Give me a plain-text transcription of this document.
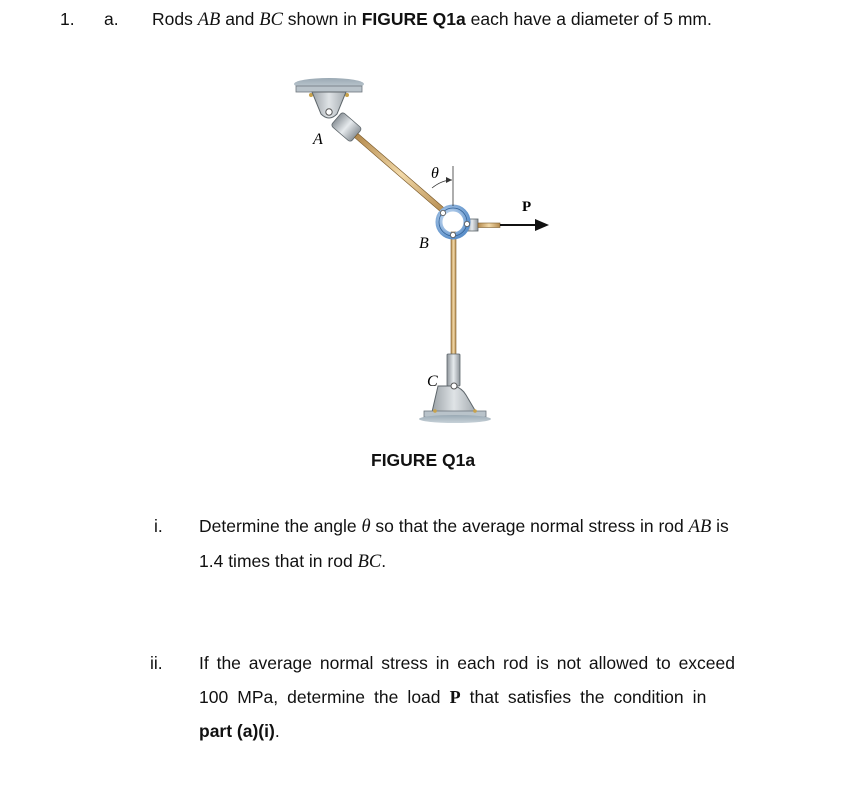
1. a. Rods AB and BC shown in FIGURE Q1a each have a diameter of 5 mm.
A
B
C
θ
P
FIGURE Q1a
i. Determine the angle θ so that the average normal stress in rod AB is
1.4 times that in rod BC.
ii. If the average normal stress in each rod is not allowed to exceed
100 MPa, determine the load P that satisfies the condition in
part (a)(i).
